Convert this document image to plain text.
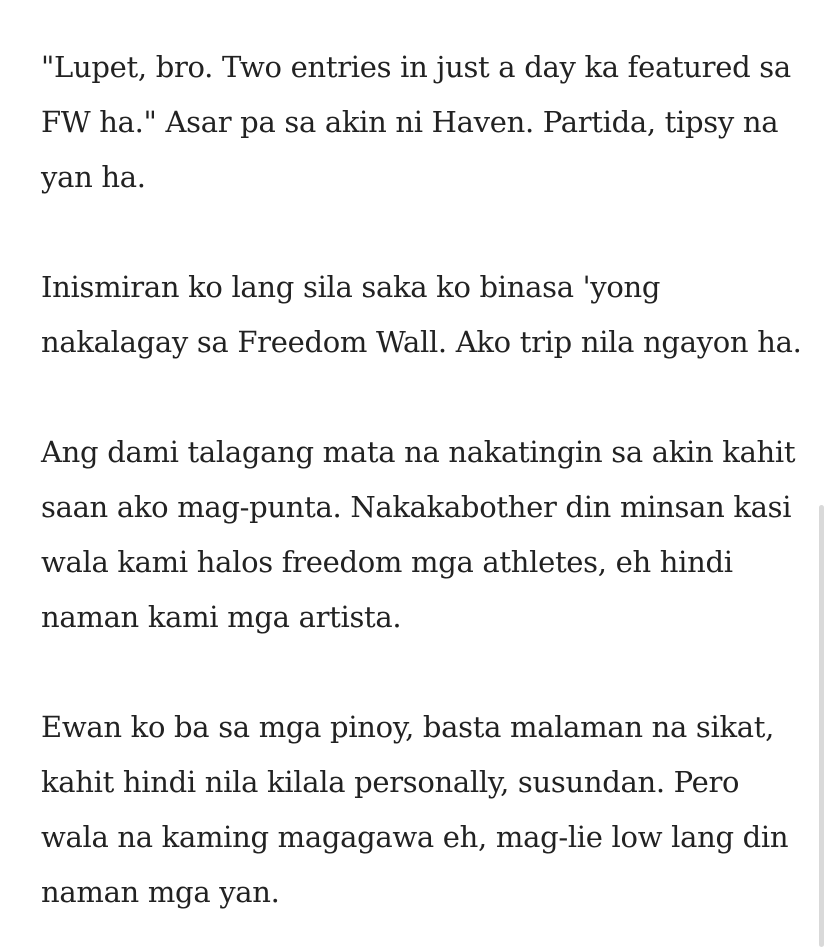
"Lupet, bro. Two entries in just a day ka featured sa
FW ha." Asar pa sa akin ni Haven. Partida, tipsy na
yan ha.

Inismiran ko lang sila saka ko binasa 'yong
nakalagay sa Freedom Wall. Ako trip nila ngayon ha.

Ang dami talagang mata na nakatingin sa akin kahit
saan ako mag-punta. Nakakabother din minsan kasi
wala kami halos freedom mga athletes, eh hindi
naman kami mga artista.

Ewan ko ba sa mga pinoy, basta malaman na sikat,
kahit hindi nila kilala personally, susundan. Pero
wala na kaming magagawa eh, mag-lie low lang din
naman mga yan.
